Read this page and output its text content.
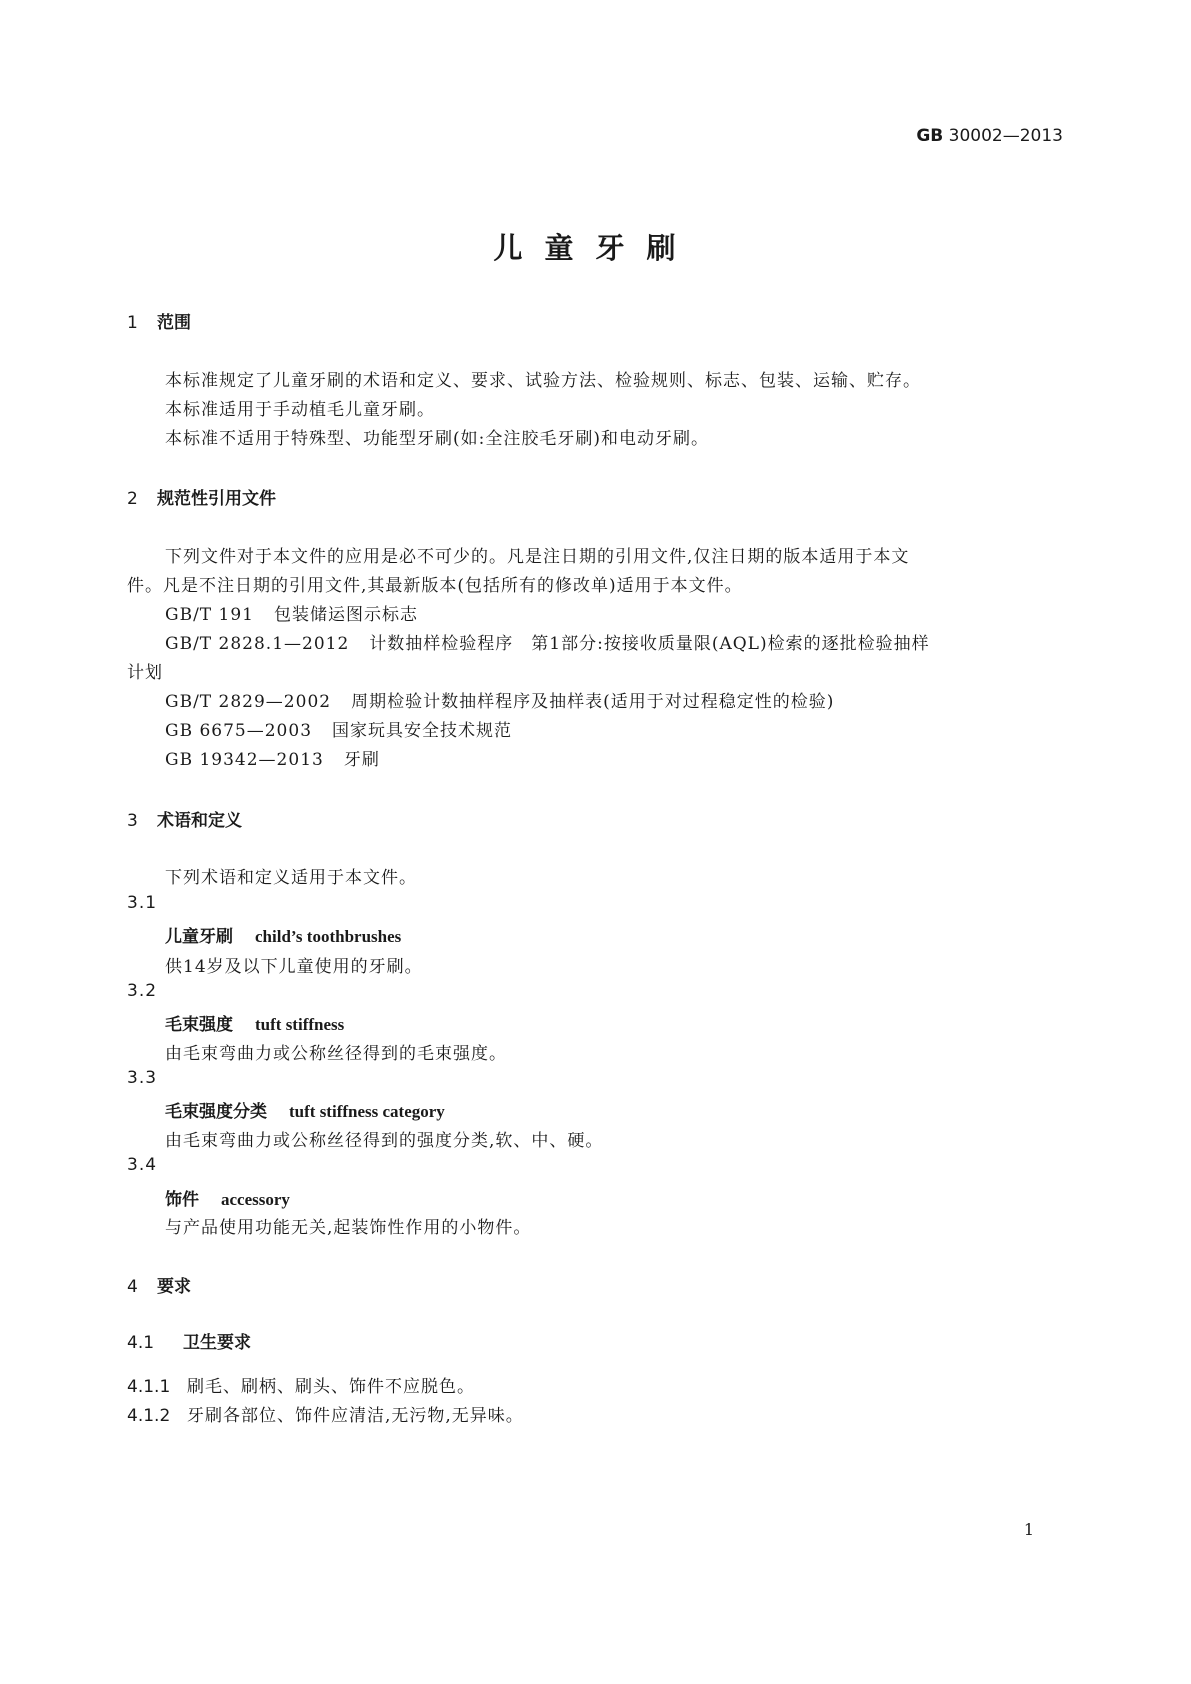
GB 30002—2013
儿童牙刷
1 范围
本标准规定了儿童牙刷的术语和定义、要求、试验方法、检验规则、标志、包装、运输、贮存。
本标准适用于手动植毛儿童牙刷。
本标准不适用于特殊型、功能型牙刷(如:全注胶毛牙刷)和电动牙刷。
2 规范性引用文件
下列文件对于本文件的应用是必不可少的。凡是注日期的引用文件,仅注日期的版本适用于本文
件。凡是不注日期的引用文件,其最新版本(包括所有的修改单)适用于本文件。
GB/T 191 包装储运图示标志
GB/T 2828.1—2012 计数抽样检验程序　第1部分:按接收质量限(AQL)检索的逐批检验抽样
计划
GB/T 2829—2002 周期检验计数抽样程序及抽样表(适用于对过程稳定性的检验)
GB 6675—2003 国家玩具安全技术规范
GB 19342—2013 牙刷
3 术语和定义
下列术语和定义适用于本文件。
3.1
儿童牙刷 child’s toothbrushes
供14岁及以下儿童使用的牙刷。
3.2
毛束强度 tuft stiffness
由毛束弯曲力或公称丝径得到的毛束强度。
3.3
毛束强度分类 tuft stiffness category
由毛束弯曲力或公称丝径得到的强度分类,软、中、硬。
3.4
饰件 accessory
与产品使用功能无关,起装饰性作用的小物件。
4 要求
4.1 卫生要求
4.1.1 刷毛、刷柄、刷头、饰件不应脱色。
4.1.2 牙刷各部位、饰件应清洁,无污物,无异味。
1
